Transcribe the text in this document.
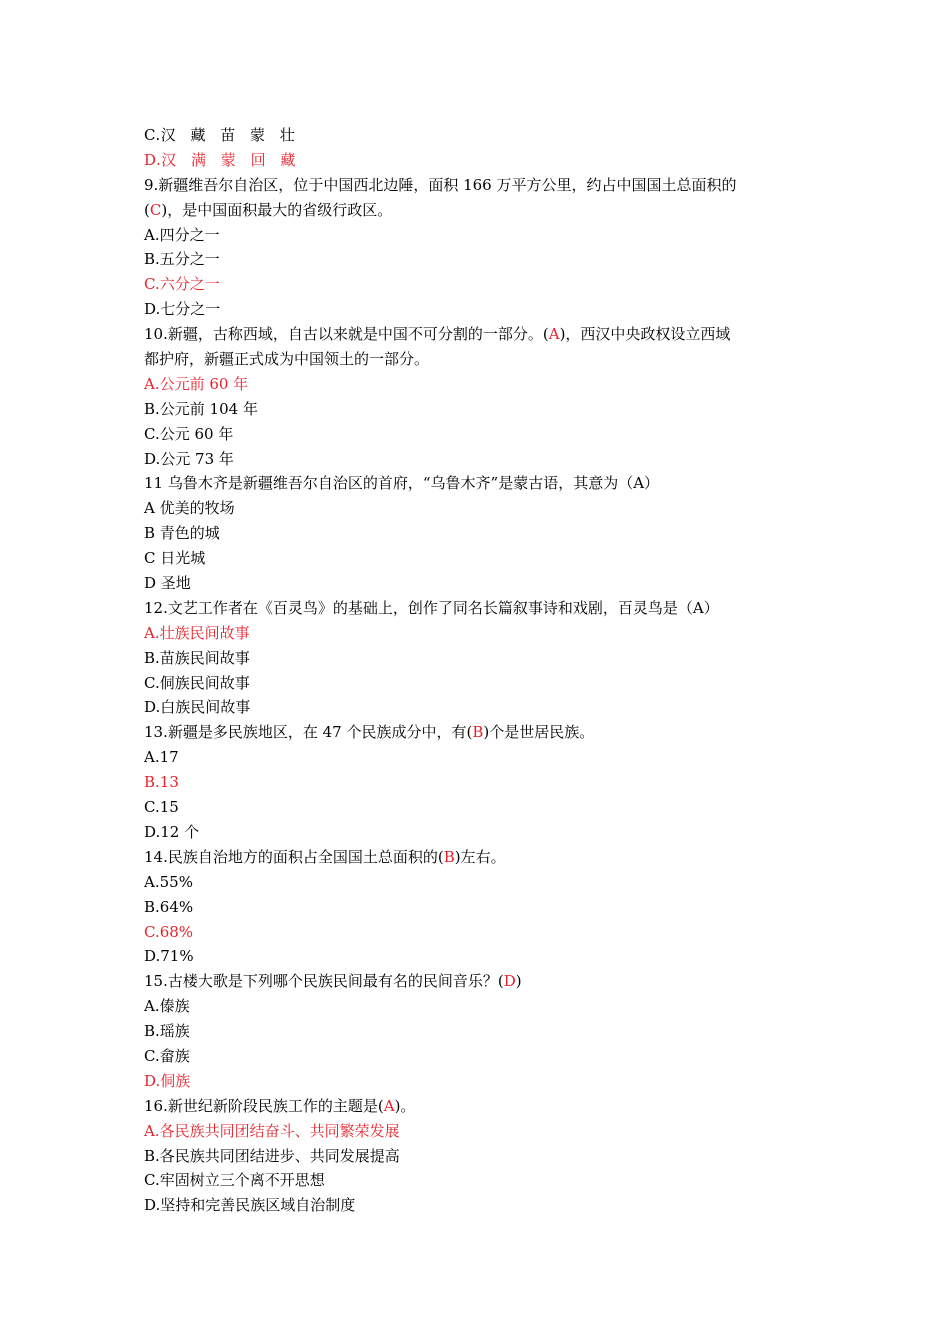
C.汉 藏 苗 蒙 壮
D.汉 满 蒙 回 藏
9.新疆维吾尔自治区，位于中国西北边陲，面积 166 万平方公里，约占中国国土总面积的
(C)，是中国面积最大的省级行政区。
A.四分之一
B.五分之一
C.六分之一
D.七分之一
10.新疆，古称西域，自古以来就是中国不可分割的一部分。(A)，西汉中央政权设立西域
都护府，新疆正式成为中国领土的一部分。
A.公元前 60 年
B.公元前 104 年
C.公元 60 年
D.公元 73 年
11 乌鲁木齐是新疆维吾尔自治区的首府，“乌鲁木齐”是蒙古语，其意为（A）
A 优美的牧场
B 青色的城
C 日光城
D 圣地
12.文艺工作者在《百灵鸟》的基础上，创作了同名长篇叙事诗和戏剧，百灵鸟是（A）
A.壮族民间故事
B.苗族民间故事
C.侗族民间故事
D.白族民间故事
13.新疆是多民族地区，在 47 个民族成分中，有(B)个是世居民族。
A.17
B.13
C.15
D.12 个
14.民族自治地方的面积占全国国土总面积的(B)左右。
A.55%
B.64%
C.68%
D.71%
15.古楼大歌是下列哪个民族民间最有名的民间音乐？(D)
A.傣族
B.瑶族
C.畲族
D.侗族
16.新世纪新阶段民族工作的主题是(A)。
A.各民族共同团结奋斗、共同繁荣发展
B.各民族共同团结进步、共同发展提高
C.牢固树立三个离不开思想
D.坚持和完善民族区域自治制度
